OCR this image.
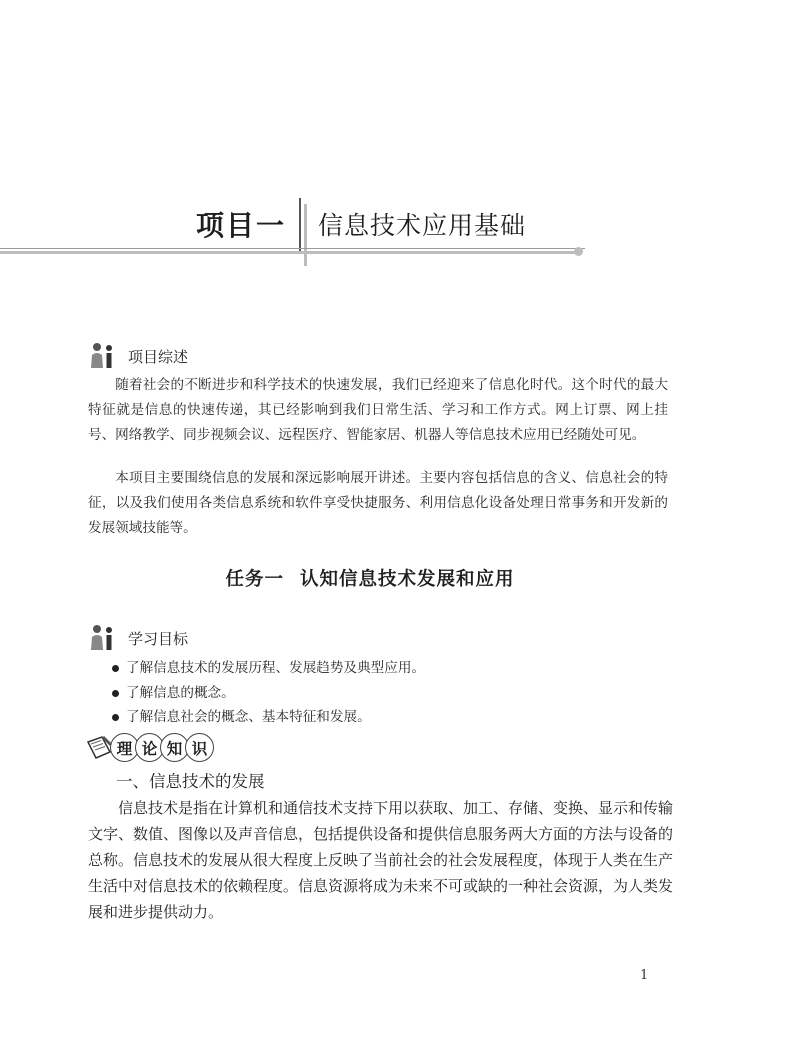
项目一 信息技术应用基础
项目综述

随着社会的不断进步和科学技术的快速发展，我们已经迎来了信息化时代。这个时代的最大特征就是信息的快速传递，其已经影响到我们日常生活、学习和工作方式。网上订票、网上挂号、网络教学、同步视频会议、远程医疗、智能家居、机器人等信息技术应用已经随处可见。

本项目主要围绕信息的发展和深远影响展开讲述。主要内容包括信息的含义、信息社会的特征，以及我们使用各类信息系统和软件享受快捷服务、利用信息化设备处理日常事务和开发新的发展领域技能等。

任务一 认知信息技术发展和应用
学习目标
了解信息技术的发展历程、发展趋势及典型应用。
了解信息的概念。
了解信息社会的概念、基本特征和发展。
理 论 知 识
一、信息技术的发展

信息技术是指在计算机和通信技术支持下用以获取、加工、存储、变换、显示和传输文字、数值、图像以及声音信息，包括提供设备和提供信息服务两大方面的方法与设备的总称。信息技术的发展从很大程度上反映了当前社会的社会发展程度，体现于人类在生产生活中对信息技术的依赖程度。信息资源将成为未来不可或缺的一种社会资源，为人类发展和进步提供动力。

1
